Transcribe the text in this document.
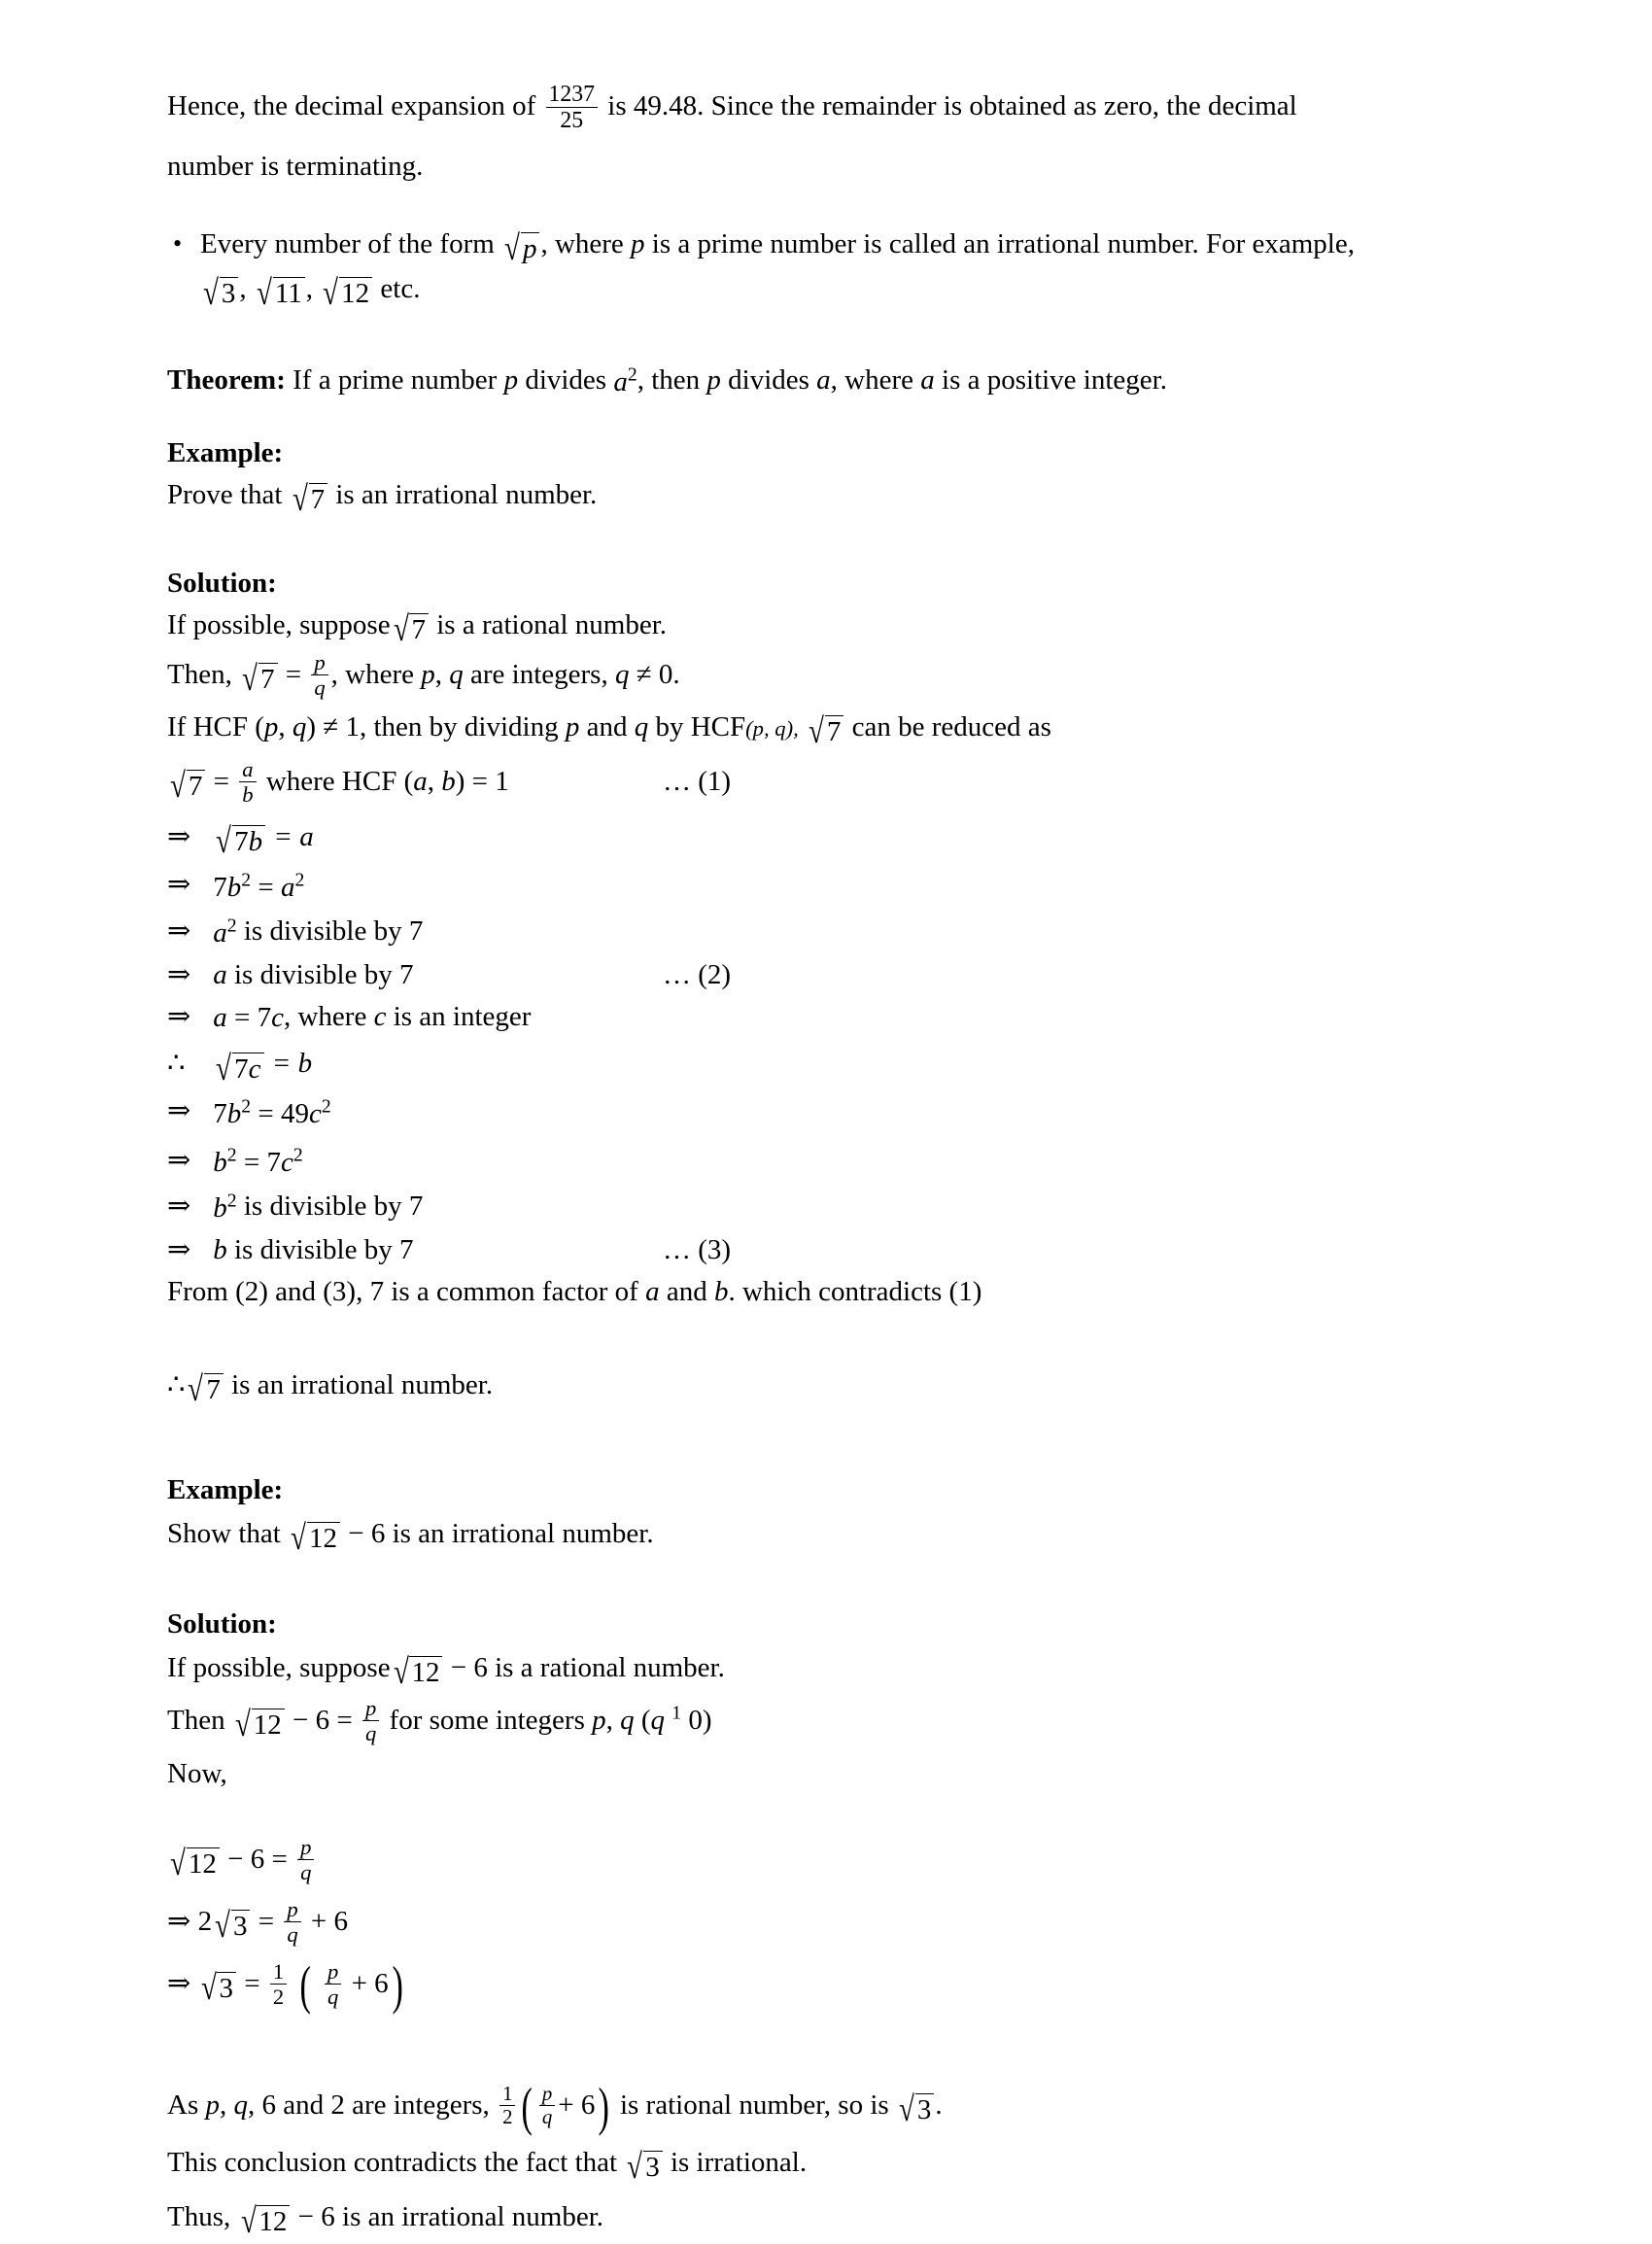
Hence, the decimal expansion of $\frac{1237}{25}$ is 49.48. Since the remainder is obtained as zero, the decimal
number is terminating.
• Every number of the form √ p , where p is a prime number is called an irrational number. For example,
√ 3 , √ 11 , √ 12 etc.
Theorem: If a prime number p divides $a^2$, then p divides a, where a is a positive integer.
Example:
Prove that √ 7 is an irrational number.
Solution:
If possible, suppose√ 7 is a rational number.
Then, √ $7 = \frac{p}{q}$ , where p, q are integers, q ≠ 0.
If HCF (p, q) ≠ 1, then by dividing p and q by HCF(p, q), √ 7 can be reduced as
√ $7 = \frac{a}{b}$ where HCF (a, b) = 1	… (1)
⇒ √ 7b = a
⇒ $7b^2 = a^2$
⇒ $a^2$ is divisible by 7
⇒ a is divisible by 7	… (2)
⇒ a = 7c, where c is an integer
∴ √ 7c = b
⇒ $7b^2 = 49c^2$
⇒ $b^2 = 7c^2$
⇒ $b^2$ is divisible by 7
⇒ b is divisible by 7	… (3)
From (2) and (3), 7 is a common factor of a and b. which contradicts (1)
∴√ 7 is an irrational number.
Example:
Show that √ 12 − 6 is an irrational number.
Solution:
If possible, suppose√ 12 − 6 is a rational number.
Then √ $12 - 6 = \frac{p}{q}$ for some integers p, q (q $^1$ 0)
Now,
√ $12 - 6 = \frac{p}{q}$
⇒ 2√ $3 = \frac{p}{q} + 6$
⇒ √ $3 = \frac{1}{2}$ ( $\frac{p}{q} + 6$)
As p, q, 6 and 2 are integers, $\frac{1}{2}$ ( $\frac{p}{q} + 6$) is rational number, so is √ 3 .
This conclusion contradicts the fact that √ 3 is irrational.
Thus, √ 12 − 6 is an irrational number.
